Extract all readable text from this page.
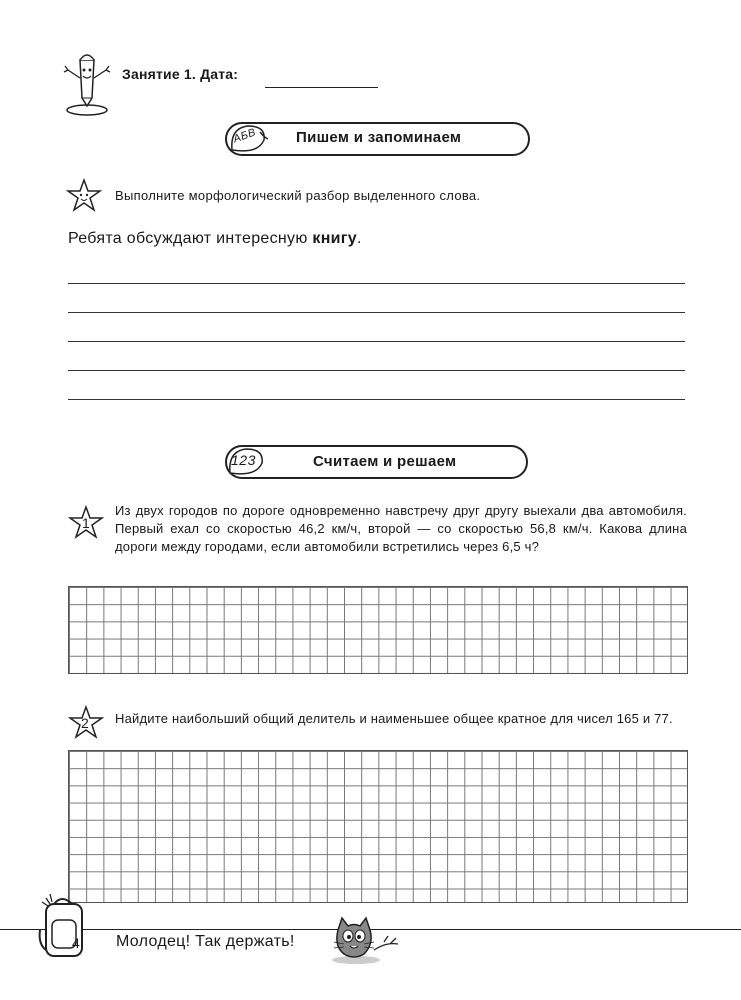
Занятие 1. Дата:
АБВ	Пишем и запоминаем
Выполните морфологический разбор выделенного слова.
Ребята обсуждают интересную книгу.
123	Считаем и решаем
1
Из двух городов по дороге одновременно навстречу друг другу выехали два автомобиля. Первый ехал со скоростью 46,2 км/ч, второй — со скоростью 56,8 км/ч. Какова длина дороги между городами, если автомобили встретились через 6,5 ч?
2 Найдите наибольший общий делитель и наименьшее общее кратное для чисел 165 и 77.
4 Молодец! Так держать!
